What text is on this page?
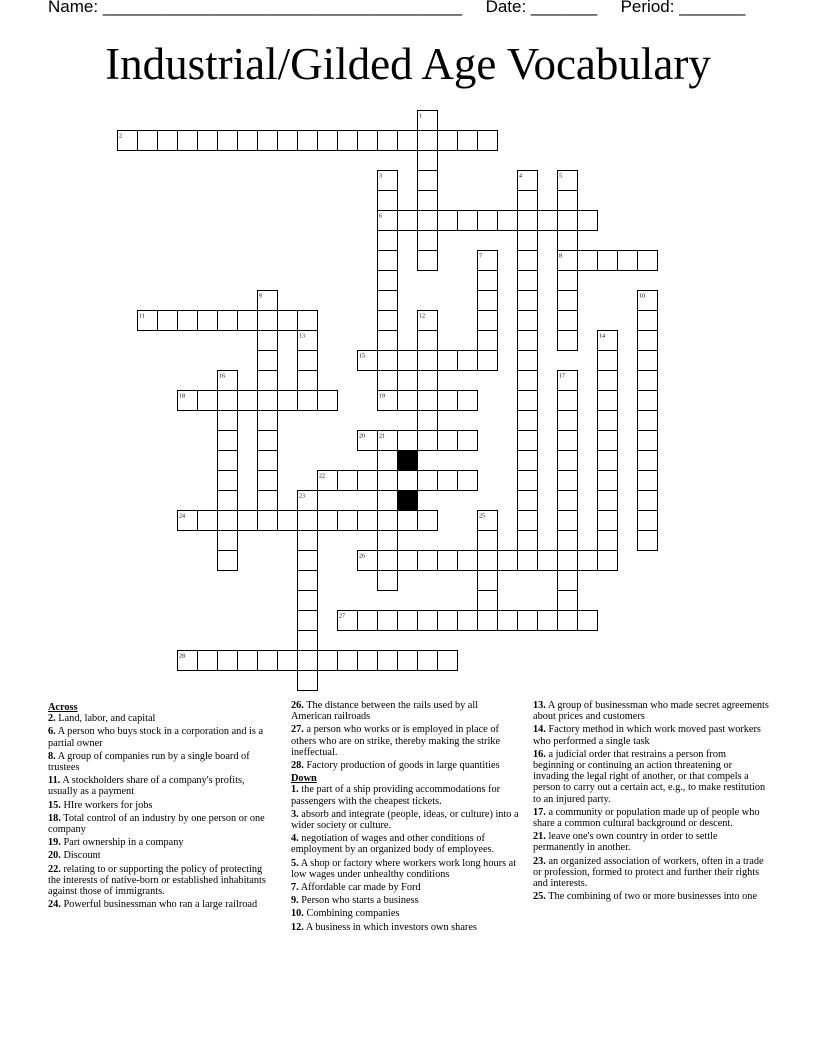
Name: ______________________________________ Date: _______ Period: _______
Industrial/Gilded Age Vocabulary
1
2
3	4	5
6
7	8
9	10
11	12
13	14
15
16	17
18	19
20 21
22
23
24	25
26
27
28
Across
2. Land, labor, and capital
6. A person who buys stock in a corporation and is a partial owner
8. A group of companies run by a single board of trustees
11. A stockholders share of a company's profits, usually as a payment
15. HIre workers for jobs
18. Total control of an industry by one person or one company
19. Part ownership in a company
20. Discount
22. relating to or supporting the policy of protecting the interests of native-born or established inhabitants against those of immigrants.
24. Powerful businessman who ran a large railroad
26. The distance between the rails used by all American railroads
27. a person who works or is employed in place of others who are on strike, thereby making the strike ineffectual.
28. Factory production of goods in large quantities
Down
1. the part of a ship providing accommodations for passengers with the cheapest tickets.
3. absorb and integrate (people, ideas, or culture) into a wider society or culture.
4. negotiation of wages and other conditions of employment by an organized body of employees.
5. A shop or factory where workers work long hours at low wages under unhealthy conditions
7. Affordable car made by Ford
9. Person who starts a business
10. Combining companies
12. A business in which investors own shares
13. A group of businessman who made secret agreements about prices and customers
14. Factory method in which work moved past workers who performed a single task
16. a judicial order that restrains a person from beginning or continuing an action threatening or invading the legal right of another, or that compels a person to carry out a certain act, e.g., to make restitution to an injured party.
17. a community or population made up of people who share a common cultural background or descent.
21. leave one's own country in order to settle permanently in another.
23. an organized association of workers, often in a trade or profession, formed to protect and further their rights and interests.
25. The combining of two or more businesses into one
